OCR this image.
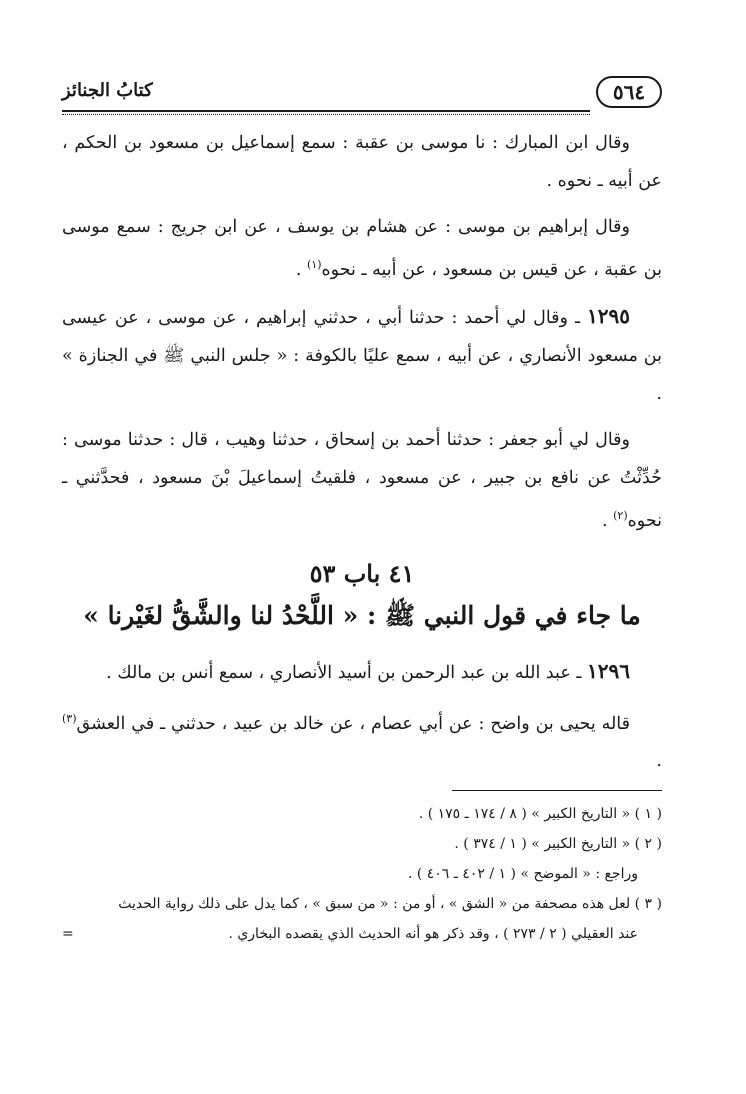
٥٦٤
كتابُ الجنائز

وقال ابن المبارك : نا موسى بن عقبة : سمع إسماعيل بن مسعود بن الحكم ، عن أبيه ـ نحوه .

وقال إبراهيم بن موسى : عن هشام بن يوسف ، عن ابن جريج : سمع موسى بن عقبة ، عن قيس بن مسعود ، عن أبيه ـ نحوه$^{(١)}$ .

١٢٩٥ ـ وقال لي أحمد : حدثنا أبي ، حدثني إبراهيم ، عن موسى ، عن عيسى بن مسعود الأنصاري ، عن أبيه ، سمع عليًا بالكوفة : « جلس النبي ﷺ في الجنازة » .

وقال لي أبو جعفر : حدثنا أحمد بن إسحاق ، حدثنا وهيب ، قال : حدثنا موسى : حُدِّثْتُ عن نافع بن جبير ، عن مسعود ، فلقيتُ إسماعيلَ بْنَ مسعود ، فحدَّثني ـ نحوه$^{(٢)}$ .

٤١ باب ٥٣
ما جاء في قول النبي ﷺ : « اللَّحْدُ لنا والشَّقُّ لغَيْرنا »

١٢٩٦ ـ عبد الله بن عبد الرحمن بن أسيد الأنصاري ، سمع أنس بن مالك .

قاله يحيى بن واضح : عن أبي عصام ، عن خالد بن عبيد ، حدثني ـ في العشق$^{(٣)}$ .

( ١ ) « التاريخ الكبير » ( ٨ / ١٧٤ ـ ١٧٥ ) .

( ٢ ) « التاريخ الكبير » ( ١ / ٣٧٤ ) .

وراجع : « الموضح » ( ١ / ٤٠٢ ـ ٤٠٦ ) .

( ٣ ) لعل هذه مصحفة من « الشق » ، أو من : « من سبق » ، كما يدل على ذلك رواية الحديث

عند العقيلي ( ٢ / ٢٧٣ ) ، وقد ذكر هو أنه الحديث الذي يقصده البخاري .
=
